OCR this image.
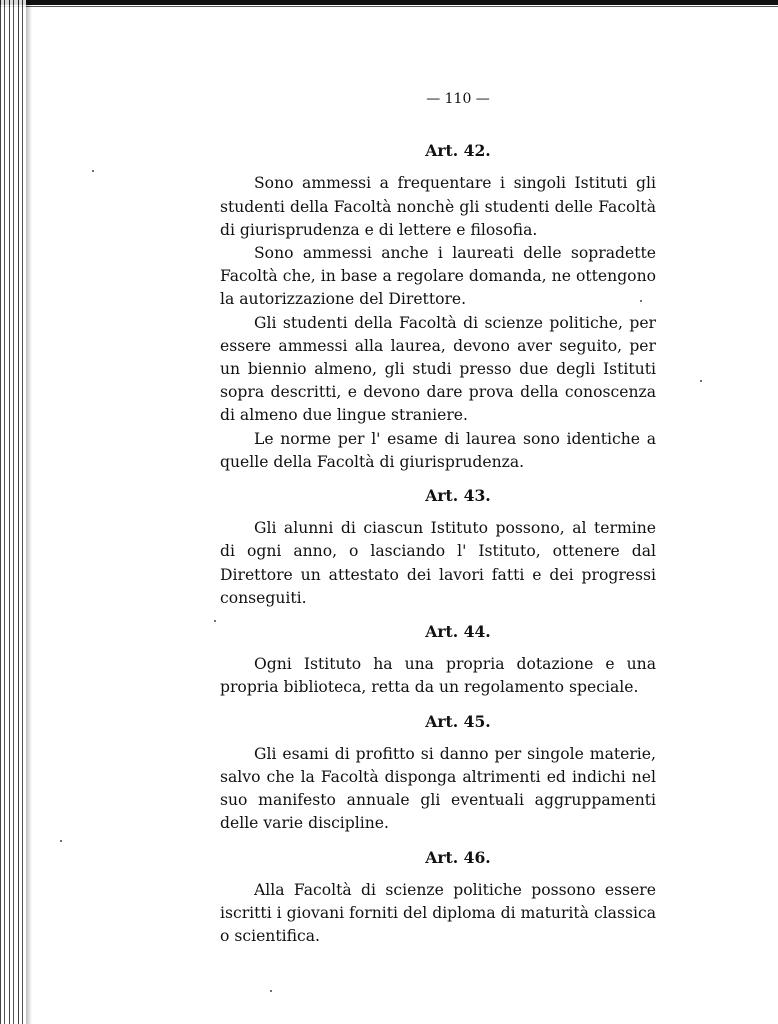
— 110 —
Art. 42.

Sono ammessi a frequentare i singoli Istituti gli studenti della Facoltà nonchè gli studenti delle Facoltà di giurisprudenza e di lettere e filosofia.

Sono ammessi anche i laureati delle sopradette Facoltà che, in base a regolare domanda, ne ottengono la autorizzazione del Direttore.

Gli studenti della Facoltà di scienze politiche, per essere ammessi alla laurea, devono aver seguito, per un biennio almeno, gli studi presso due degli Istituti sopra descritti, e devono dare prova della conoscenza di almeno due lingue straniere.

Le norme per l' esame di laurea sono identiche a quelle della Facoltà di giurisprudenza.

Art. 43.

Gli alunni di ciascun Istituto possono, al termine di ogni anno, o lasciando l' Istituto, ottenere dal Direttore un attestato dei lavori fatti e dei progressi conseguiti.

Art. 44.

Ogni Istituto ha una propria dotazione e una propria biblioteca, retta da un regolamento speciale.

Art. 45.

Gli esami di profitto si danno per singole materie, salvo che la Facoltà disponga altrimenti ed indichi nel suo manifesto annuale gli eventuali aggruppamenti delle varie discipline.

Art. 46.

Alla Facoltà di scienze politiche possono essere iscritti i giovani forniti del diploma di maturità classica o scientifica.
